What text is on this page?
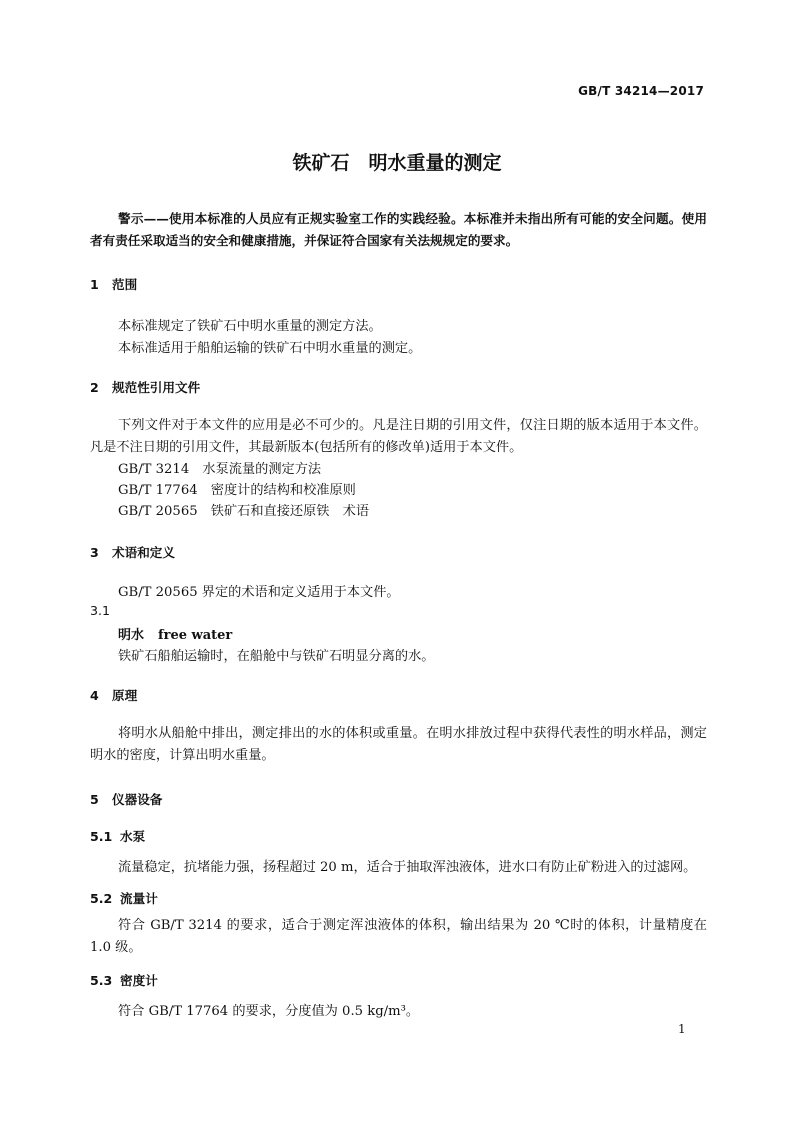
GB/T 34214—2017
铁矿石　明水重量的测定
警示——使用本标准的人员应有正规实验室工作的实践经验。本标准并未指出所有可能的安全问题。使用者有责任采取适当的安全和健康措施，并保证符合国家有关法规规定的要求。
1 范围
本标准规定了铁矿石中明水重量的测定方法。
本标准适用于船舶运输的铁矿石中明水重量的测定。
2 规范性引用文件
下列文件对于本文件的应用是必不可少的。凡是注日期的引用文件，仅注日期的版本适用于本文件。凡是不注日期的引用文件，其最新版本(包括所有的修改单)适用于本文件。
GB/T 3214　水泵流量的测定方法
GB/T 17764　密度计的结构和校准原则
GB/T 20565　铁矿石和直接还原铁　术语
3 术语和定义
GB/T 20565 界定的术语和定义适用于本文件。
3.1
明水 free water
铁矿石船舶运输时，在船舱中与铁矿石明显分离的水。
4 原理
将明水从船舱中排出，测定排出的水的体积或重量。在明水排放过程中获得代表性的明水样品，测定明水的密度，计算出明水重量。
5 仪器设备
5.1 水泵
流量稳定，抗堵能力强，扬程超过 20 m，适合于抽取浑浊液体，进水口有防止矿粉进入的过滤网。
5.2 流量计
符合 GB/T 3214 的要求，适合于测定浑浊液体的体积，输出结果为 20 ℃时的体积，计量精度在 1.0 级。
5.3 密度计
符合 GB/T 17764 的要求，分度值为 0.5 kg/m³。
1
